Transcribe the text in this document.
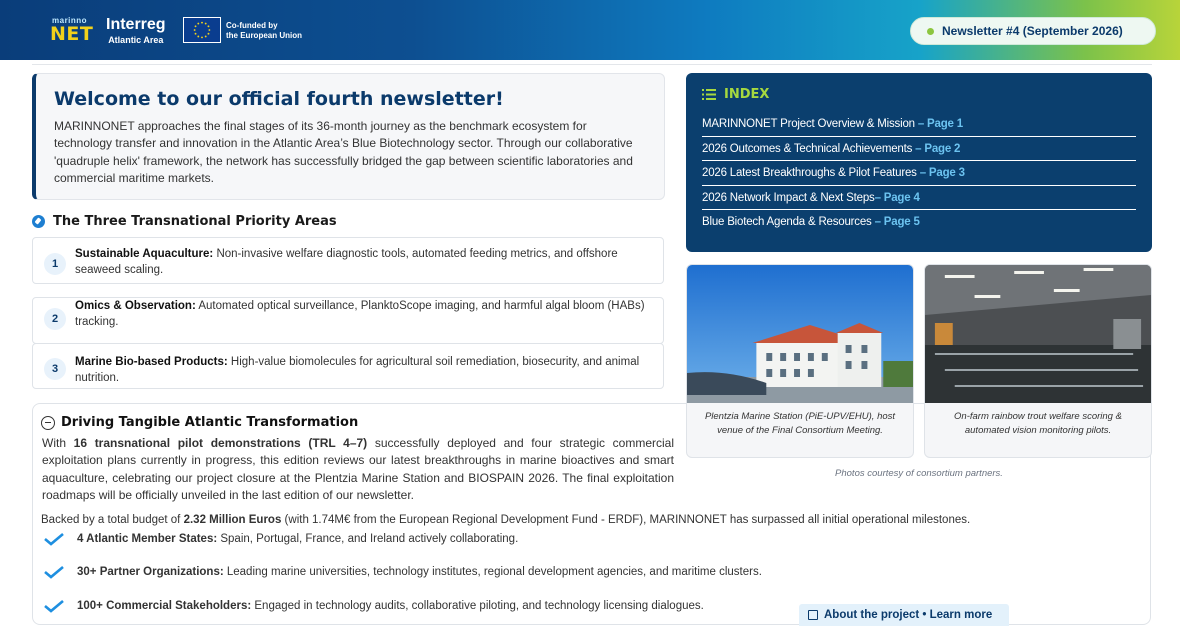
marinno
NET Interreg
Atlantic Area
Co-funded by
the European Union	Newsletter #4 (September 2026)
Welcome to our official fourth newsletter!

MARINNONET approaches the final stages of its 36-month journey as the benchmark ecosystem for technology transfer and innovation in the Atlantic Area’s Blue Biotechnology sector. Through our collaborative 'quadruple helix' framework, the network has successfully bridged the gap between scientific laboratories and commercial maritime markets.

The Three Transnational Priority Areas
1
Sustainable Aquaculture: Non-invasive welfare diagnostic tools, automated feeding metrics, and offshore seaweed scaling.
2
Omics & Observation: Automated optical surveillance, PlanktoScope imaging, and harmful algal bloom (HABs) tracking.
3
Marine Bio-based Products: High-value biomolecules for agricultural soil remediation, biosecurity, and animal nutrition.
Driving Tangible Atlantic Transformation
With 16 transnational pilot demonstrations (TRL 4–7) successfully deployed and four strategic commercial exploitation plans currently in progress, this edition reviews our latest breakthroughs in marine bioactives and smart aquaculture, celebrating our project closure at the Plentzia Marine Station and BIOSPAIN 2026. The final exploitation roadmaps will be officially unveiled in the last edition of our newsletter.
Backed by a total budget of 2.32 Million Euros (with 1.74M€ from the European Regional Development Fund - ERDF), MARINNONET has surpassed all initial operational milestones.
4 Atlantic Member States: Spain, Portugal, France, and Ireland actively collaborating.
30+ Partner Organizations: Leading marine universities, technology institutes, regional development agencies, and maritime clusters.
100+ Commercial Stakeholders: Engaged in technology audits, collaborative piloting, and technology licensing dialogues.
About the project • Learn more
INDEX
MARINNONET Project Overview & Mission – Page 1
2026 Outcomes & Technical Achievements – Page 2
2026 Latest Breakthroughs & Pilot Features – Page 3
2026 Network Impact & Next Steps– Page 4
Blue Biotech Agenda & Resources – Page 5
Plentzia Marine Station (PiE-UPV/EHU), host venue of the Final Consortium Meeting.
On-farm rainbow trout welfare scoring & automated vision monitoring pilots.
Photos courtesy of consortium partners.
